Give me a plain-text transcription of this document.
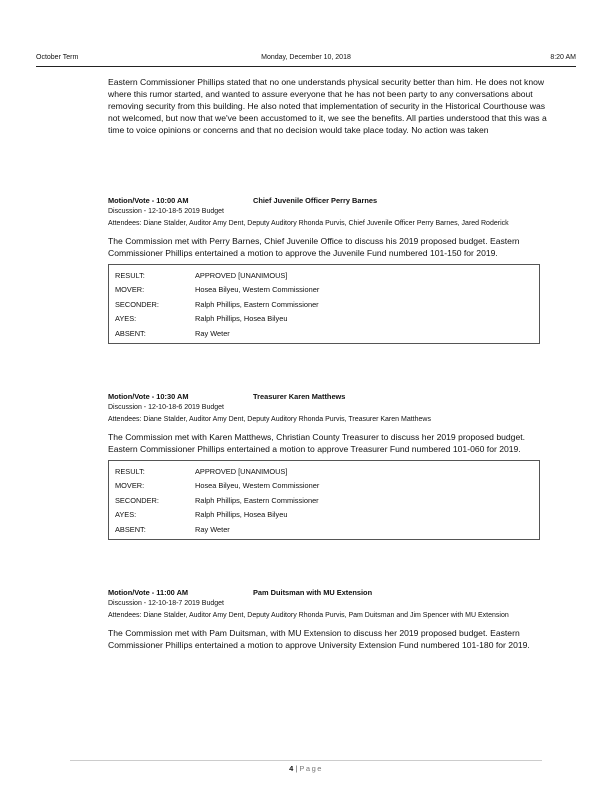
October Term	Monday, December 10, 2018	8:20 AM

Eastern Commissioner Phillips stated that no one understands physical security better than him. He does not know where this rumor started, and wanted to assure everyone that he has not been party to any conversations about removing security from this building. He also noted that implementation of security in the Historical Courthouse was not welcomed, but now that we've been accustomed to it, we see the benefits. All parties understood that this was a time to voice opinions or concerns and that no decision would take place today. No action was taken

Motion/Vote - 10:00 AM	Chief Juvenile Officer Perry Barnes
Discussion - 12-10-18-5 2019 Budget
Attendees: Diane Stalder, Auditor Amy Dent, Deputy Auditory Rhonda Purvis, Chief Juvenile Officer Perry Barnes, Jared Roderick
The Commission met with Perry Barnes, Chief Juvenile Office to discuss his 2019 proposed budget. Eastern Commissioner Phillips entertained a motion to approve the Juvenile Fund numbered 101-150 for 2019.
RESULT:	APPROVED [UNANIMOUS]
MOVER:	Hosea Bilyeu, Western Commissioner
SECONDER:	Ralph Phillips, Eastern Commissioner
AYES:	Ralph Phillips, Hosea Bilyeu
ABSENT:	Ray Weter
Motion/Vote - 10:30 AM	Treasurer Karen Matthews
Discussion - 12-10-18-6 2019 Budget
Attendees: Diane Stalder, Auditor Amy Dent, Deputy Auditory Rhonda Purvis, Treasurer Karen Matthews
The Commission met with Karen Matthews, Christian County Treasurer to discuss her 2019 proposed budget. Eastern Commissioner Phillips entertained a motion to approve Treasurer Fund numbered 101-060 for 2019.
RESULT:	APPROVED [UNANIMOUS]
MOVER:	Hosea Bilyeu, Western Commissioner
SECONDER:	Ralph Phillips, Eastern Commissioner
AYES:	Ralph Phillips, Hosea Bilyeu
ABSENT:	Ray Weter
Motion/Vote - 11:00 AM	Pam Duitsman with MU Extension
Discussion - 12-10-18-7 2019 Budget
Attendees: Diane Stalder, Auditor Amy Dent, Deputy Auditory Rhonda Purvis, Pam Duitsman and Jim Spencer with MU Extension
The Commission met with Pam Duitsman, with MU Extension to discuss her 2019 proposed budget. Eastern Commissioner Phillips entertained a motion to approve University Extension Fund numbered 101-180 for 2019.
4 | Page
